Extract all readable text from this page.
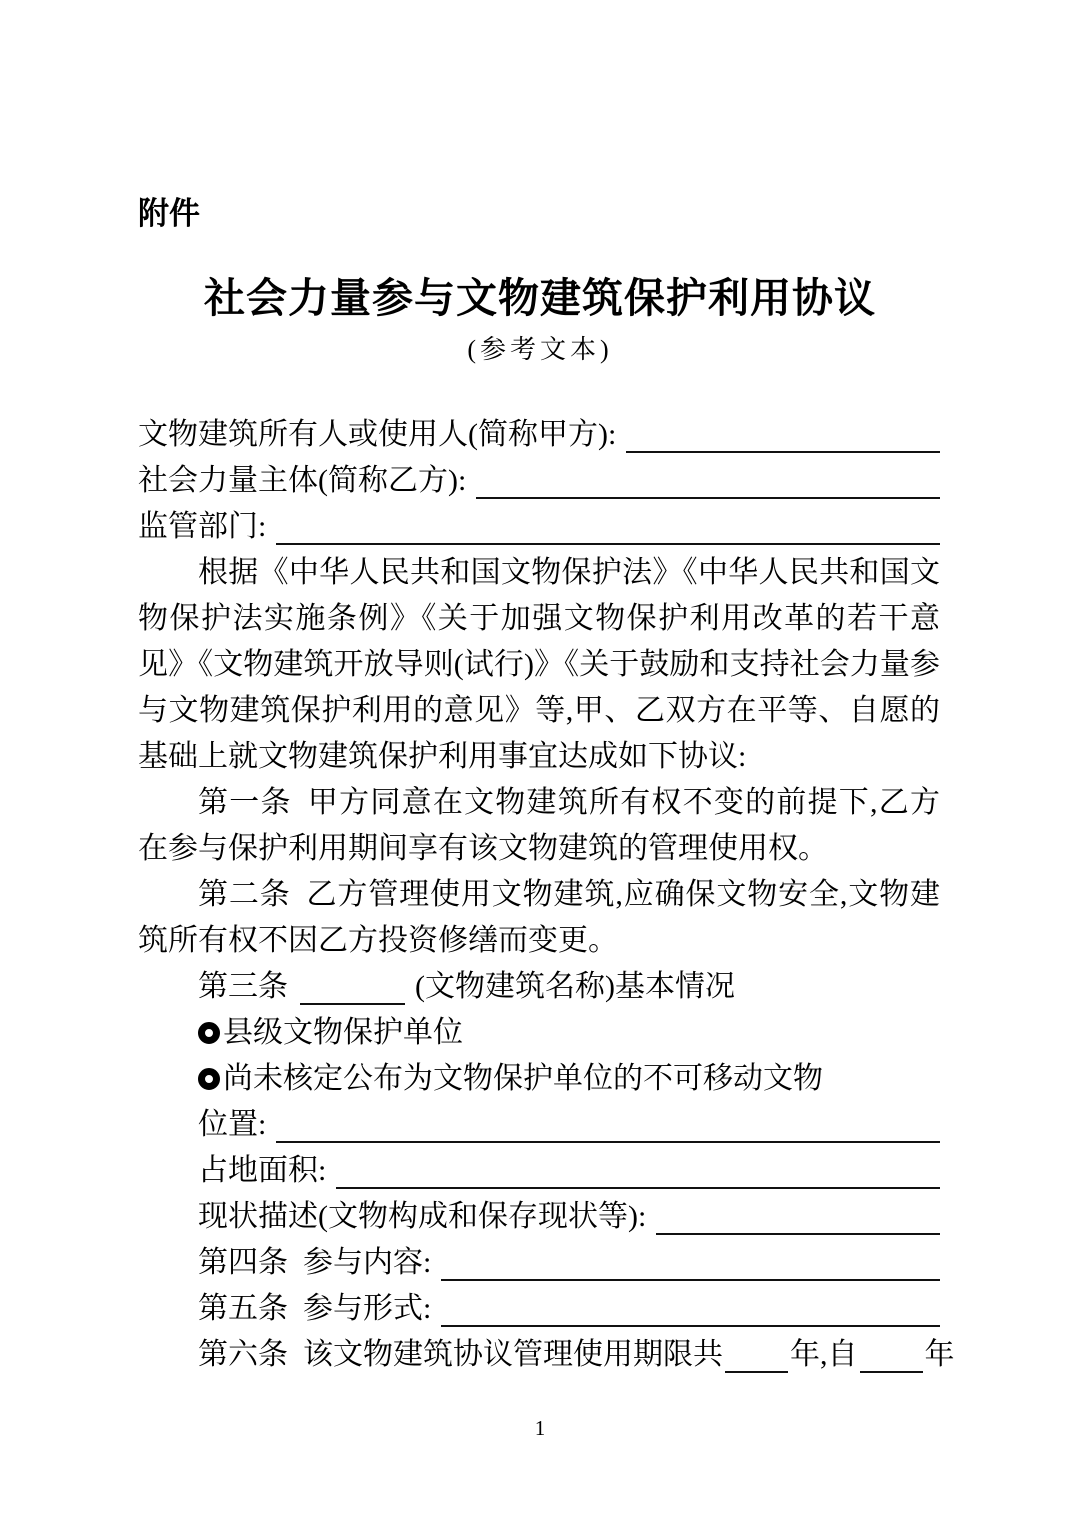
附件
社会力量参与文物建筑保护利用协议
(参考文本)
文物建筑所有人或使用人(简称甲方):
社会力量主体(简称乙方):
监管部门:

根据《中华人民共和国文物保护法》《中华人民共和国文物保护法实施条例》《关于加强文物保护利用改革的若干意见》《文物建筑开放导则(试行)》《关于鼓励和支持社会力量参与文物建筑保护利用的意见》等,甲、乙双方在平等、自愿的基础上就文物建筑保护利用事宜达成如下协议:

第一条 甲方同意在文物建筑所有权不变的前提下,乙方在参与保护利用期间享有该文物建筑的管理使用权。

第二条 乙方管理使用文物建筑,应确保文物安全,文物建筑所有权不因乙方投资修缮而变更。

第三条	(文物建筑名称)基本情况
县级文物保护单位
尚未核定公布为文物保护单位的不可移动文物
位置:
占地面积:
现状描述(文物构成和保存现状等):
第四条 参与内容:
第五条 参与形式:
第六条 该文物建筑协议管理使用期限共 年,自 年
1
